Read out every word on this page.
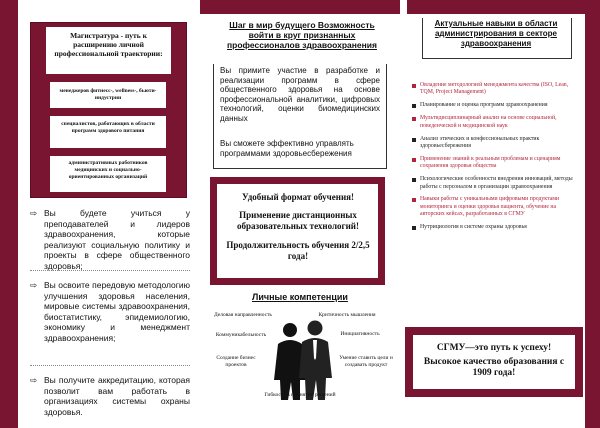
Магистратура - путь к расширению личной профессиональной траектории:
менеджеров фитнесс-, wellness-, бьюти-индустрии
специалистов, работающих в области программ здорового питания
административных работников медицинских и социально-ориентированных организаций
⇨ Вы будете учиться у преподавателей и лидеров здравоохранения, которые реализуют социальную политику и проекты в сфере общественного здоровья;
⇨ Вы освоите передовую методологию улучшения здоровья населения, мировые системы здравоохранения, биостатистику, эпидемиологию, экономику и менеджмент здравоохранения;
⇨ Вы получите аккредитацию, которая позволит вам работать в организациях системы охраны здоровья.
Шаг в мир будущего Возможность войти в круг признанных профессионалов здравоохранения
Вы примите участие в разработке и реализации программ в сфере общественного здоровья на основе профессиональной аналитики, цифровых технологий, оценки биомедицинских данных
Вы сможете эффективно управлять программами здоровьесбережения
Удобный формат обучения!
Применение дистанционных образовательных технологий!
Продолжительность обучения 2/2,5 года!
Личные компетенции
Деловая направленность	Критичность мышления
Коммуникабельность	Инициативность
Создание бизнес проектов
Умение ставить цели и создавать продукт
Гибкость в принятии решений
Актуальные навыки в области администрирования в секторе здравоохранения
Овладение методологией менеджмента качества (ISO, Lean, TQM, Project Management)
Планирование и оценка программ здравоохранения
Мультидисциплинарный анализ на основе социальной, поведенческой и медицинской наук
Анализ этических и конфессиональных практик здоровьесбережения
Применение знаний к реальным проблемам и сценариям сохранения здоровья общества
Психологические особенности внедрения инноваций, методы работы с персоналом в организации здравоохранения
Навыки работы с уникальными цифровыми продуктами мониторинга и оценки здоровья пациента, обучение на авторских кейсах, разработанных в СГМУ
Нутрициология в системе охраны здоровья
СГМУ—это путь к успеху!
Высокое качество образования с 1909 года!
